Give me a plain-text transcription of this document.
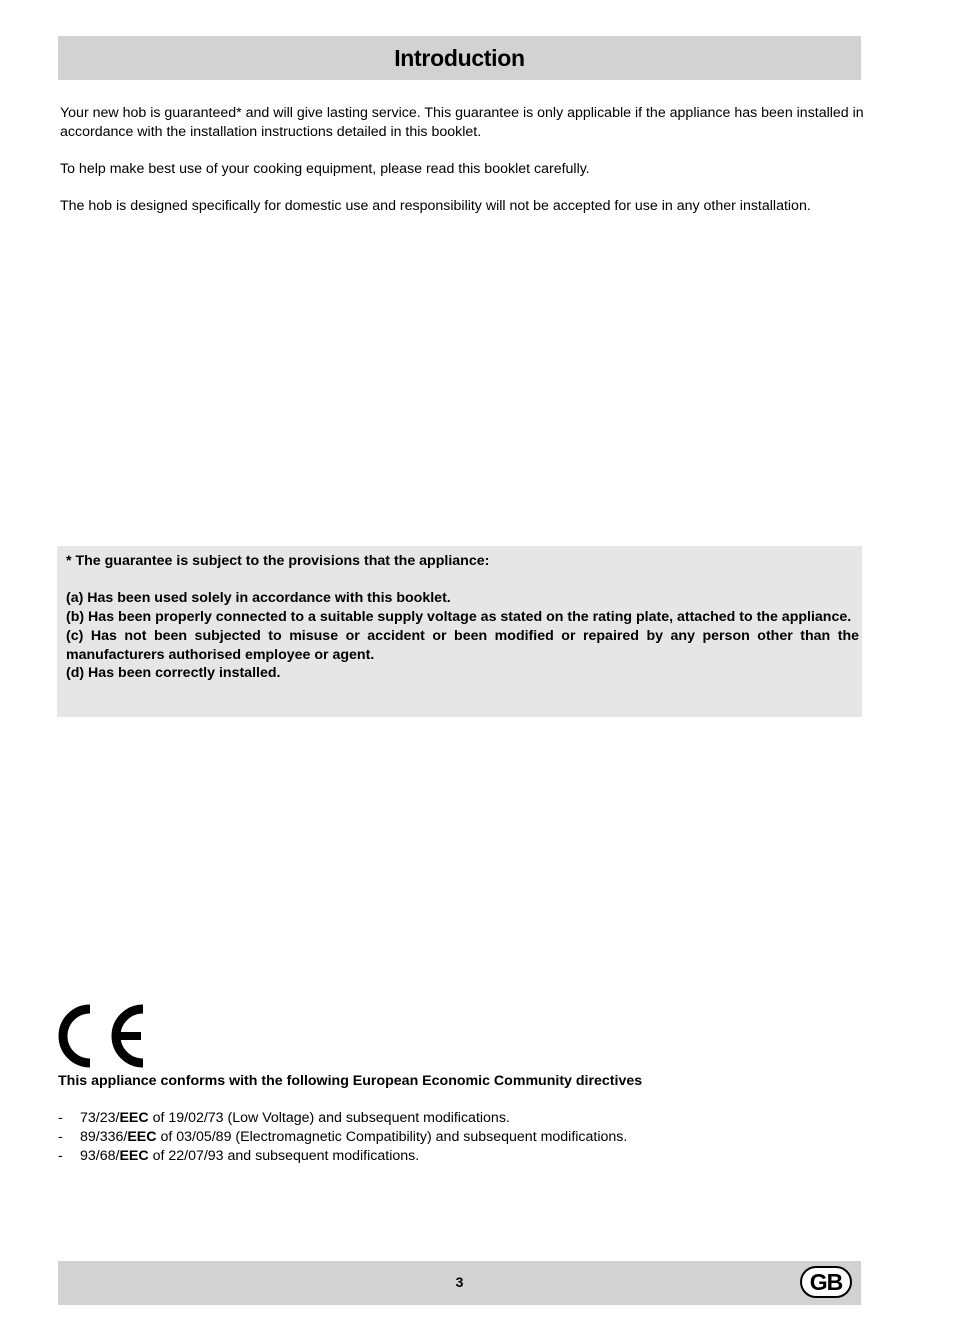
Introduction

Your new hob is guaranteed* and will give lasting service. This guarantee is only applicable if the appliance has been installed in accordance with the installation instructions detailed in this booklet.

To help make best use of your cooking equipment, please read this booklet carefully.

The hob is designed specifically for domestic use and responsibility will not be accepted for use in any other installation.

* The guarantee is subject to the provisions that the appliance:

(a) Has been used solely in accordance with this booklet.

(b) Has been properly connected to a suitable supply voltage as stated on the rating plate, attached to the appliance.

(c) Has not been subjected to misuse or accident or been modified or repaired by any person other than the manufacturers authorised employee or agent.

(d) Has been correctly installed.

This appliance conforms with the following European Economic Community directives

- 73/23/EEC of 19/02/73 (Low Voltage) and subsequent modifications.
- 89/336/EEC of 03/05/89 (Electromagnetic Compatibility) and subsequent modifications.
- 93/68/EEC of 22/07/93 and subsequent modifications.
3	GB
